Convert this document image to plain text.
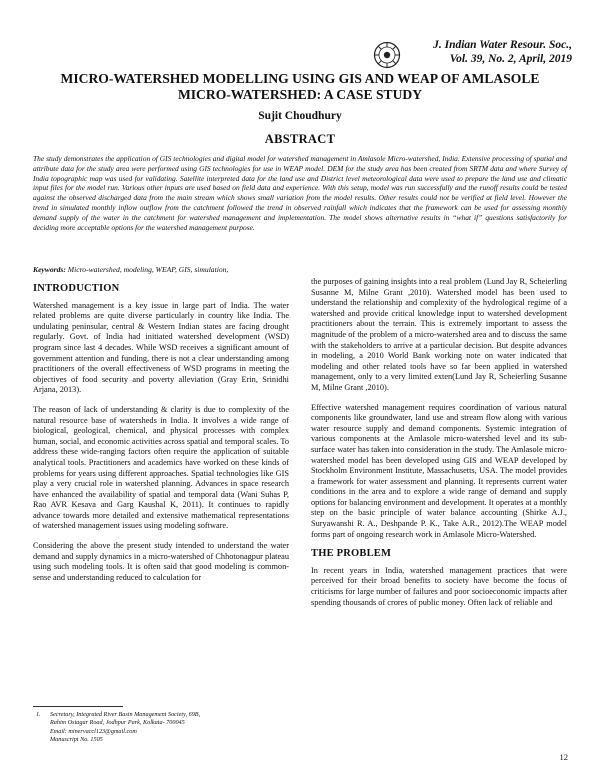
J. Indian Water Resour. Soc.,
Vol. 39, No. 2, April, 2019
MICRO-WATERSHED MODELLING USING GIS AND WEAP OF AMLASOLE
MICRO-WATERSHED: A CASE STUDY
Sujit Choudhury
ABSTRACT
The study demonstrates the application of GIS technologies and digital model for watershed management in Amlasole Micro-watershed, India. Extensive processing of spatial and attribute data for the study area were performed using GIS technologies for use in WEAP model. DEM for the study area has been created from SRTM data and where Survey of India topographic map was used for validating. Satellite interpreted data for the land use and District level meteorological data were used to prepare the land use and climatic input files for the model run. Various other inputs are used based on field data and experience. With this setup, model was run successfully and the runoff results could be tested against the observed discharged data from the main stream which shows small variation from the model results. Other results could not be verified at field level. However the trend in simulated monthly inflow outflow from the catchment followed the trend in observed rainfall which indicates that the framework can be used for assessing monthly demand supply of the water in the catchment for watershed management and implementation. The model shows alternative results in “what if” questions satisfactorily for deciding more acceptable options for the watershed management purpose.
Keywords: Micro-watershed, modeling, WEAP, GIS, simulation,
INTRODUCTION

Watershed management is a key issue in large part of India. The water related problems are quite diverse particularly in country like India. The undulating peninsular, central & Western Indian states are facing drought regularly. Govt. of India had initiated watershed development (WSD) program since last 4 decades. While WSD receives a significant amount of government attention and funding, there is not a clear understanding among practitioners of the overall effectiveness of WSD programs in meeting the objectives of food security and poverty alleviation (Gray Erin, Srinidhi Arjana, 2013).

The reason of lack of understanding & clarity is due to complexity of the natural resource base of watersheds in India. It involves a wide range of biological, geological, chemical, and physical processes with complex human, social, and economic activities across spatial and temporal scales. To address these wide-ranging factors often require the application of suitable analytical tools. Practitioners and academics have worked on these kinds of problems for years using different approaches. Spatial technologies like GIS play a very crucial role in watershed planning. Advances in space research have enhanced the availability of spatial and temporal data (Wani Suhas P, Rao AVR Kesava and Garg Kaushal K, 2011). It continues to rapidly advance towards more detailed and extensive mathematical representations of watershed management issues using modeling software.

Considering the above the present study intended to understand the water demand and supply dynamics in a micro-watershed of Chhotonagpur plateau using such modeling tools. It is often said that good modeling is common-sense and understanding reduced to calculation for

the purposes of gaining insights into a real problem (Lund Jay R, Scheierling Susanne M, Milne Grant ,2010). Watershed model has been used to understand the relationship and complexity of the hydrological regime of a watershed and provide critical knowledge input to watershed development practitioners about the terrain. This is extremely important to assess the magnitude of the problem of a micro-watershed area and to discuss the same with the stakeholders to arrive at a particular decision. But despite advances in modeling, a 2010 World Bank working note on water indicated that modeling and other related tools have so far been applied in watershed management, only to a very limited exten(Lund Jay R, Scheierling Susanne M, Milne Grant ,2010).

Effective watershed management requires coordination of various natural components like groundwater, land use and stream flow along with various water resource supply and demand components. Systemic integration of various components at the Amlasole micro-watershed level and its sub-surface water has taken into consideration in the study. The Amlasole micro-watershed model has been developed using GIS and WEAP developed by Stockholm Environment Institute, Massachusetts, USA. The model provides a framework for water assessment and planning. It represents current water conditions in the area and to explore a wide range of demand and supply options for balancing environment and development. It operates at a monthly step on the basic principle of water balance accounting (Shirke A.J., Suryawanshi R. A., Deshpande P. K., Take A.R., 2012).The WEAP model forms part of ongoing research work in Amlasole Micro-Watershed.

THE PROBLEM

In recent years in India, watershed management practices that were perceived for their broad benefits to society have become the focus of criticisms for large number of failures and poor socioeconomic impacts after spending thousands of crores of public money. Often lack of reliable and

1. Secretary, Integrated River Basin Management Society, 69B,
Rahim Ostagar Road, Jodhpur Park, Kolkata- 700045
Email: minervaccl123@gmail.com
Manuscript No. 1505
12
